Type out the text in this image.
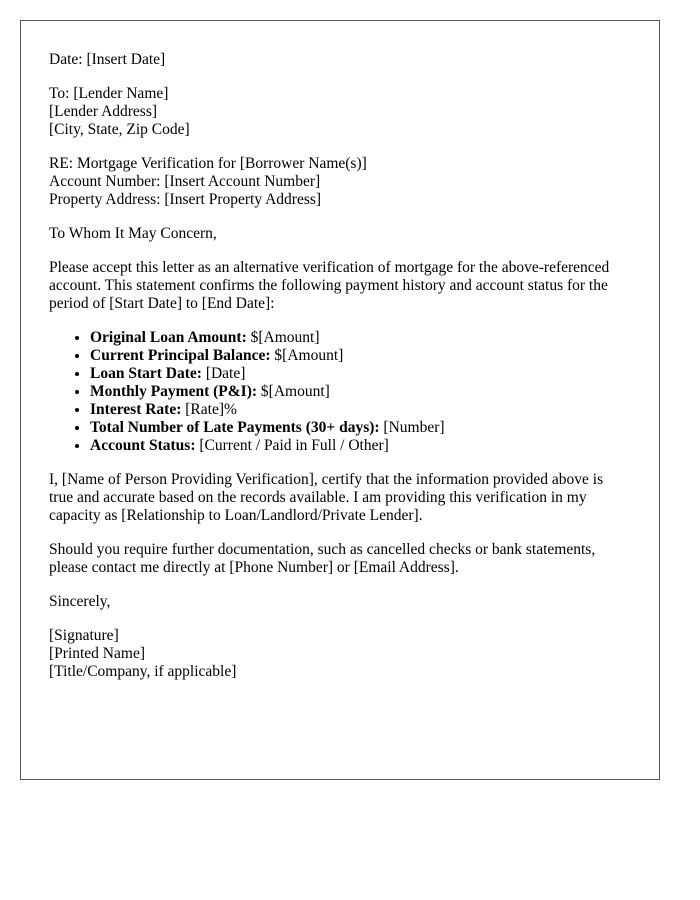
Date: [Insert Date]
To: [Lender Name]
[Lender Address]
[City, State, Zip Code]
RE: Mortgage Verification for [Borrower Name(s)]
Account Number: [Insert Account Number]
Property Address: [Insert Property Address]

To Whom It May Concern,

Please accept this letter as an alternative verification of mortgage for the above-referenced account. This statement confirms the following payment history and account status for the period of [Start Date] to [End Date]:

• Original Loan Amount: $[Amount]
• Current Principal Balance: $[Amount]
• Loan Start Date: [Date]
• Monthly Payment (P&I): $[Amount]
• Interest Rate: [Rate]%
• Total Number of Late Payments (30+ days): [Number]
• Account Status: [Current / Paid in Full / Other]

I, [Name of Person Providing Verification], certify that the information provided above is true and accurate based on the records available. I am providing this verification in my capacity as [Relationship to Loan/Landlord/Private Lender].

Should you require further documentation, such as cancelled checks or bank statements, please contact me directly at [Phone Number] or [Email Address].

Sincerely,

[Signature]
[Printed Name]
[Title/Company, if applicable]
